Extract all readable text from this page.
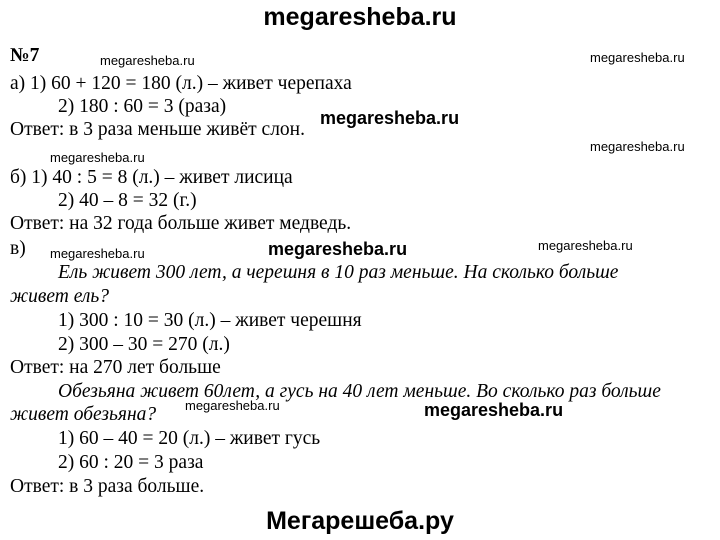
megaresheba.ru

№7

а) 1) 60 + 120 = 180 (л.) – живет черепаха

2) 180 : 60 = 3 (раза)

Ответ: в 3 раза меньше живёт слон.

б) 1) 40 : 5 = 8 (л.) – живет лисица

2) 40 – 8 = 32 (г.)

Ответ: на 32 года больше живет медведь.

в)

Ель живет 300 лет, а черешня в 10 раз меньше. На сколько больше

живет ель?

1) 300 : 10 = 30 (л.) – живет черешня

2) 300 – 30 = 270 (л.)

Ответ: на 270 лет больше

Обезьяна живет 60лет, а гусь на 40 лет меньше. Во сколько раз больше

живет обезьяна?

1) 60 – 40 = 20 (л.) – живет гусь

2) 60 : 20 = 3 раза

Ответ: в 3 раза больше.

megaresheba.ru	megaresheba.ru
megaresheba.ru
megaresheba.ru
megaresheba.ru
megaresheba.ru	megaresheba.ru	megaresheba.ru
megaresheba.ru	megaresheba.ru
Мегарешеба.ру
